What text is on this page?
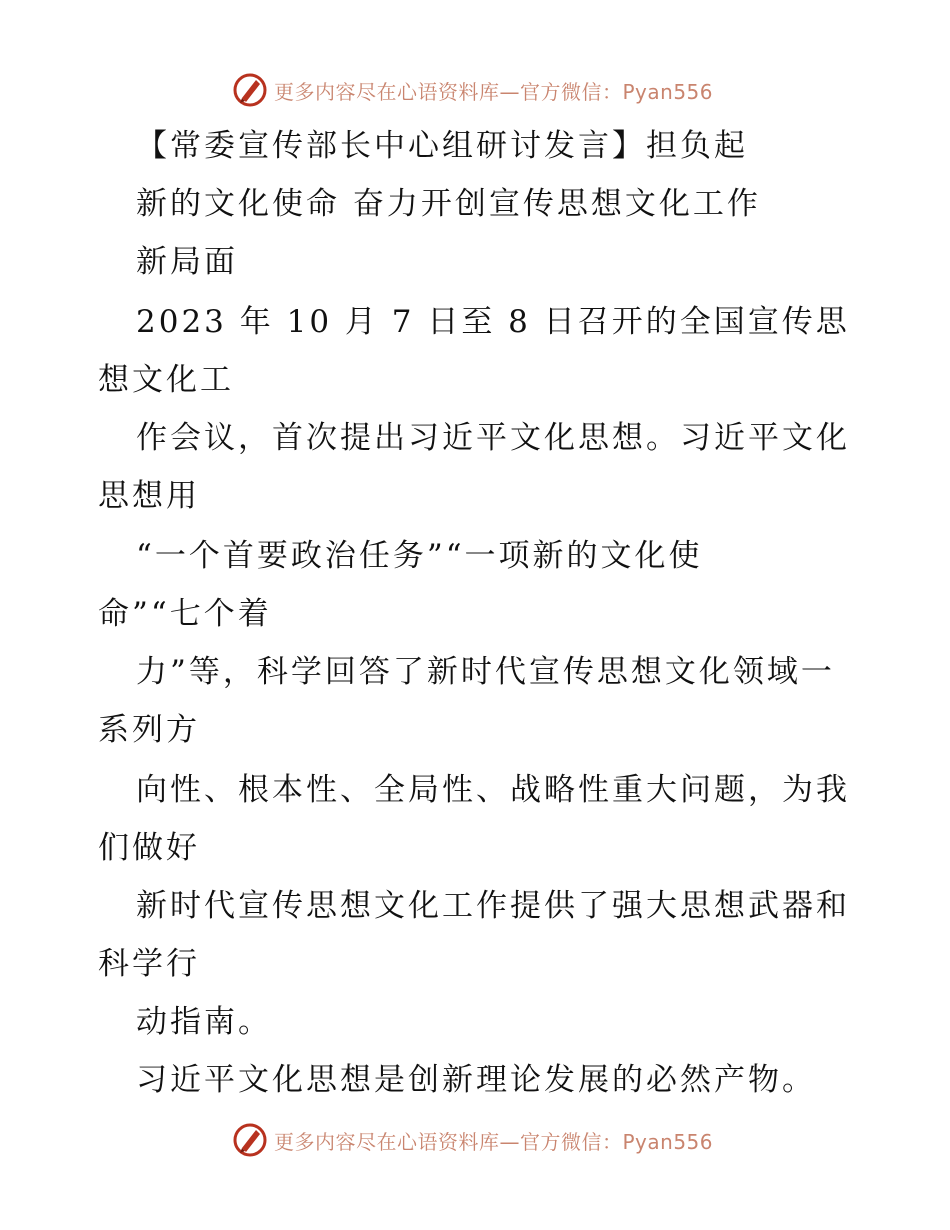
更多内容尽在心语资料库—官方微信：Pyan556
【常委宣传部长中心组研讨发言】担负起
新的文化使命 奋力开创宣传思想文化工作
新局面
2023 年 10 月 7 日至 8 日召开的全国宣传思
想文化工
作会议，首次提出习近平文化思想。习近平文化
思想用
“一个首要政治任务”“一项新的文化使
命”“七个着
力”等，科学回答了新时代宣传思想文化领域一
系列方
向性、根本性、全局性、战略性重大问题，为我
们做好
新时代宣传思想文化工作提供了强大思想武器和
科学行
动指南。
习近平文化思想是创新理论发展的必然产物。
更多内容尽在心语资料库—官方微信：Pyan556
